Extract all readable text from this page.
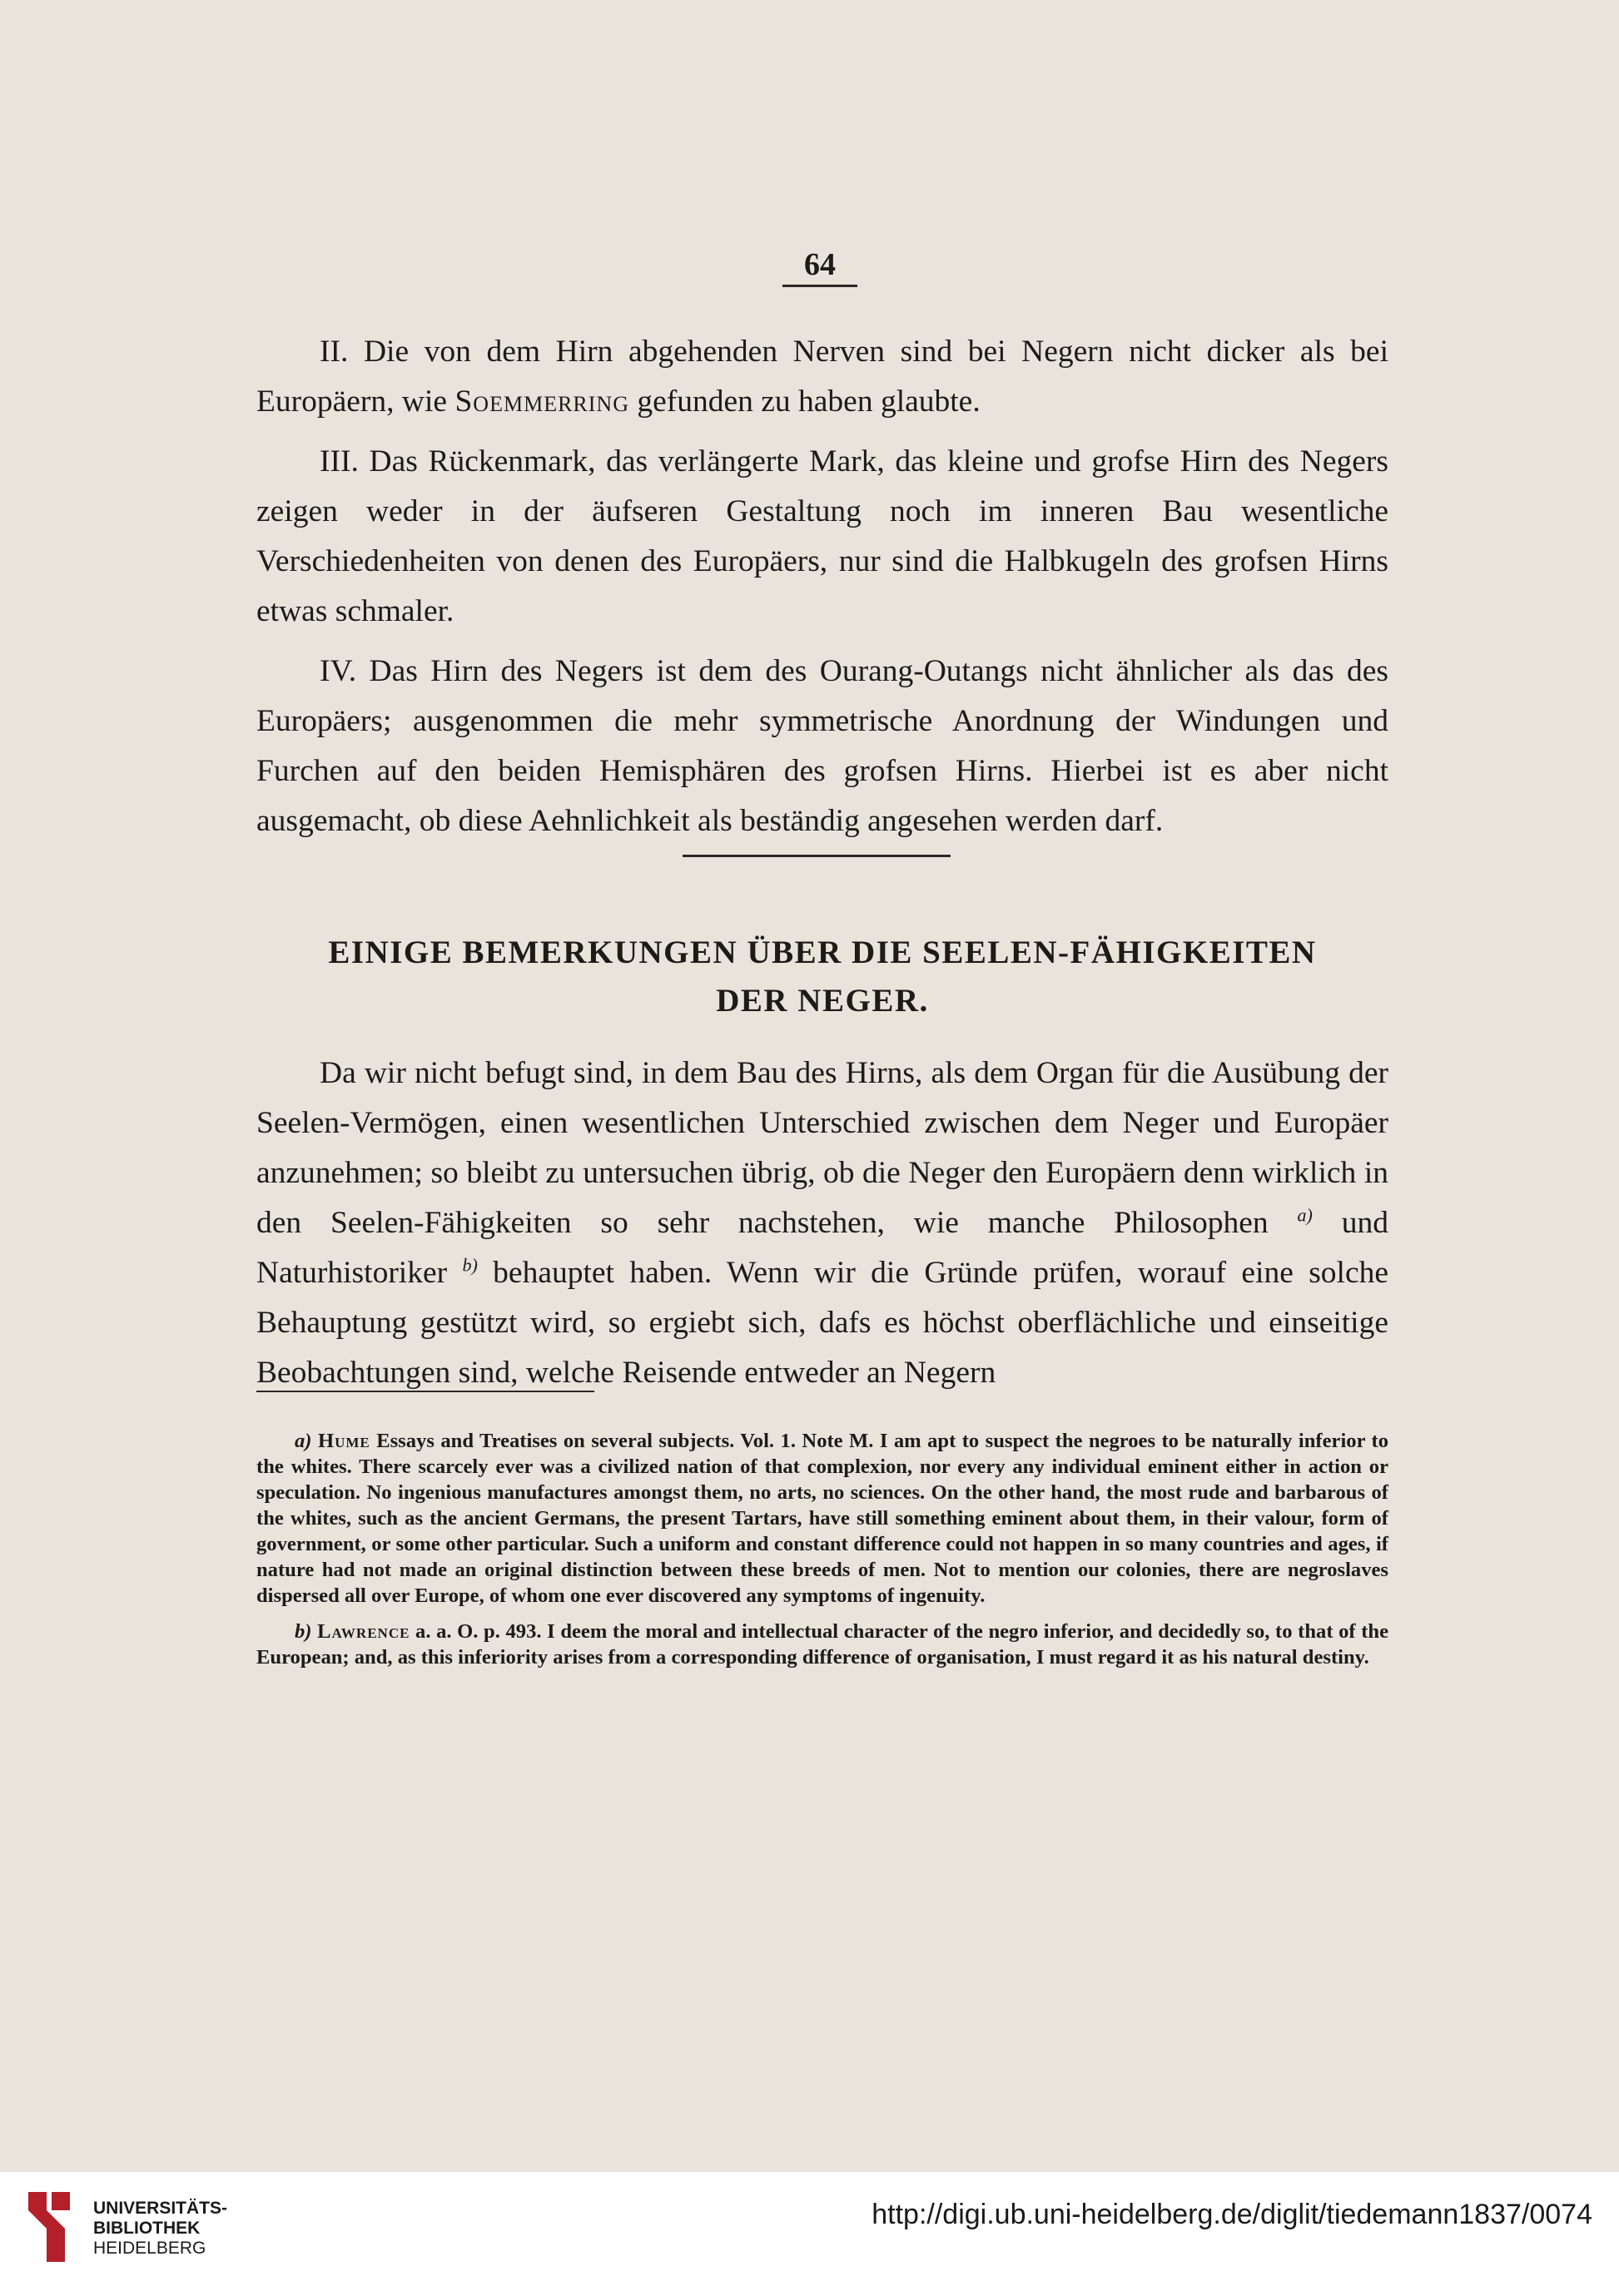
64

II. Die von dem Hirn abgehenden Nerven sind bei Negern nicht dicker als bei Europäern, wie Soemmerring gefunden zu haben glaubte.

III. Das Rückenmark, das verlängerte Mark, das kleine und grofse Hirn des Negers zeigen weder in der äufseren Gestaltung noch im inneren Bau wesentliche Verschiedenheiten von denen des Europäers, nur sind die Halbkugeln des grofsen Hirns etwas schmaler.

IV. Das Hirn des Negers ist dem des Ourang-Outangs nicht ähnlicher als das des Europäers; ausgenommen die mehr symmetrische Anordnung der Windungen und Furchen auf den beiden Hemisphären des grofsen Hirns. Hierbei ist es aber nicht ausgemacht, ob diese Aehnlichkeit als beständig angesehen werden darf.

EINIGE BEMERKUNGEN ÜBER DIE SEELEN-FÄHIGKEITEN
DER NEGER.

Da wir nicht befugt sind, in dem Bau des Hirns, als dem Organ für die Ausübung der Seelen-Vermögen, einen wesentlichen Unterschied zwischen dem Neger und Europäer anzunehmen; so bleibt zu untersuchen übrig, ob die Neger den Europäern denn wirklich in den Seelen-Fähigkeiten so sehr nachstehen, wie manche Philosophen $^{a)}$ und Naturhistoriker $^{b)}$ behauptet haben. Wenn wir die Gründe prüfen, worauf eine solche Behauptung gestützt wird, so ergiebt sich, dafs es höchst oberflächliche und einseitige Beobachtungen sind, welche Reisende entweder an Negern

a) Hume Essays and Treatises on several subjects. Vol. 1. Note M. I am apt to suspect the negroes to be naturally inferior to the whites. There scarcely ever was a civilized nation of that complexion, nor every any individual eminent either in action or speculation. No ingenious manufactures amongst them, no arts, no sciences. On the other hand, the most rude and barbarous of the whites, such as the ancient Germans, the present Tartars, have still something eminent about them, in their valour, form of government, or some other particular. Such a uniform and constant difference could not happen in so many countries and ages, if nature had not made an original distinction between these breeds of men. Not to mention our colonies, there are negroslaves dispersed all over Europe, of whom one ever discovered any symptoms of ingenuity.

b) Lawrence a. a. O. p. 493. I deem the moral and intellectual character of the negro inferior, and decidedly so, to that of the European; and, as this inferiority arises from a corresponding difference of organisation, I must regard it as his natural destiny.

UNIVERSITÄTS-
BIBLIOTHEK
HEIDELBERG
http://digi.ub.uni-heidelberg.de/diglit/tiedemann1837/0074
